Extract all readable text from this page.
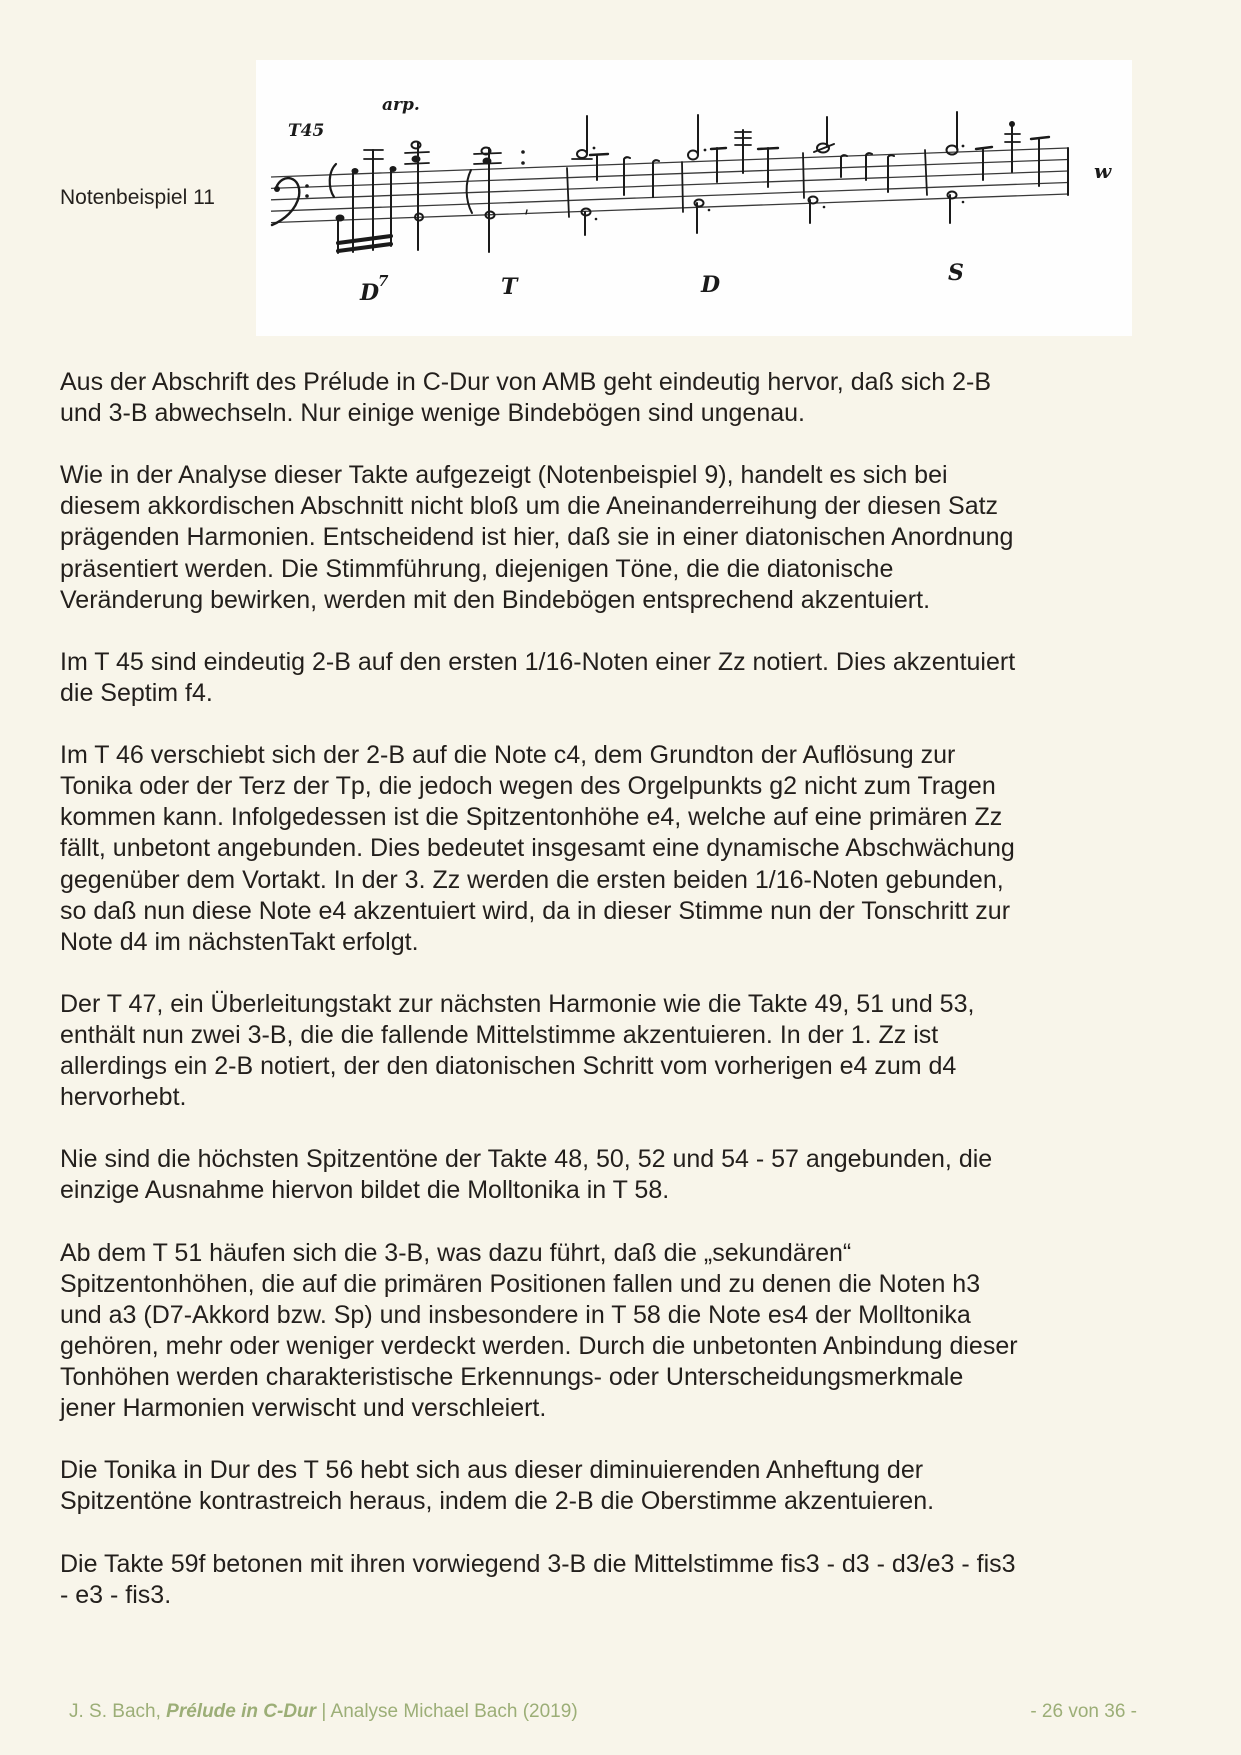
Notenbeispiel 11
T45
arp.
D
7	T	D	S
w
Aus der Abschrift des Prélude in C-Dur von AMB geht eindeutig hervor, daß sich 2-B
und 3-B abwechseln. Nur einige wenige Bindebögen sind ungenau.
Wie in der Analyse dieser Takte aufgezeigt (Notenbeispiel 9), handelt es sich bei
diesem akkordischen Abschnitt nicht bloß um die Aneinanderreihung der diesen Satz
prägenden Harmonien. Entscheidend ist hier, daß sie in einer diatonischen Anordnung
präsentiert werden. Die Stimmführung, diejenigen Töne, die die diatonische
Veränderung bewirken, werden mit den Bindebögen entsprechend akzentuiert.
Im T 45 sind eindeutig 2-B auf den ersten 1/16-Noten einer Zz notiert. Dies akzentuiert
die Septim f4.
Im T 46 verschiebt sich der 2-B auf die Note c4, dem Grundton der Auflösung zur
Tonika oder der Terz der Tp, die jedoch wegen des Orgelpunkts g2 nicht zum Tragen
kommen kann. Infolgedessen ist die Spitzentonhöhe e4, welche auf eine primären Zz
fällt, unbetont angebunden. Dies bedeutet insgesamt eine dynamische Abschwächung
gegenüber dem Vortakt. In der 3. Zz werden die ersten beiden 1/16-Noten gebunden,
so daß nun diese Note e4 akzentuiert wird, da in dieser Stimme nun der Tonschritt zur
Note d4 im nächstenTakt erfolgt.
Der T 47, ein Überleitungstakt zur nächsten Harmonie wie die Takte 49, 51 und 53,
enthält nun zwei 3-B, die die fallende Mittelstimme akzentuieren. In der 1. Zz ist
allerdings ein 2-B notiert, der den diatonischen Schritt vom vorherigen e4 zum d4
hervorhebt.
Nie sind die höchsten Spitzentöne der Takte 48, 50, 52 und 54 - 57 angebunden, die
einzige Ausnahme hiervon bildet die Molltonika in T 58.
Ab dem T 51 häufen sich die 3-B, was dazu führt, daß die „sekundären“
Spitzentonhöhen, die auf die primären Positionen fallen und zu denen die Noten h3
und a3 (D7-Akkord bzw. Sp) und insbesondere in T 58 die Note es4 der Molltonika
gehören, mehr oder weniger verdeckt werden. Durch die unbetonten Anbindung dieser
Tonhöhen werden charakteristische Erkennungs- oder Unterscheidungsmerkmale
jener Harmonien verwischt und verschleiert.
Die Tonika in Dur des T 56 hebt sich aus dieser diminuierenden Anheftung der
Spitzentöne kontrastreich heraus, indem die 2-B die Oberstimme akzentuieren.
Die Takte 59f betonen mit ihren vorwiegend 3-B die Mittelstimme fis3 - d3 - d3/e3 - fis3
- e3 - fis3.
J. S. Bach, Prélude in C-Dur | Analyse Michael Bach (2019)	- 26 von 36 -
